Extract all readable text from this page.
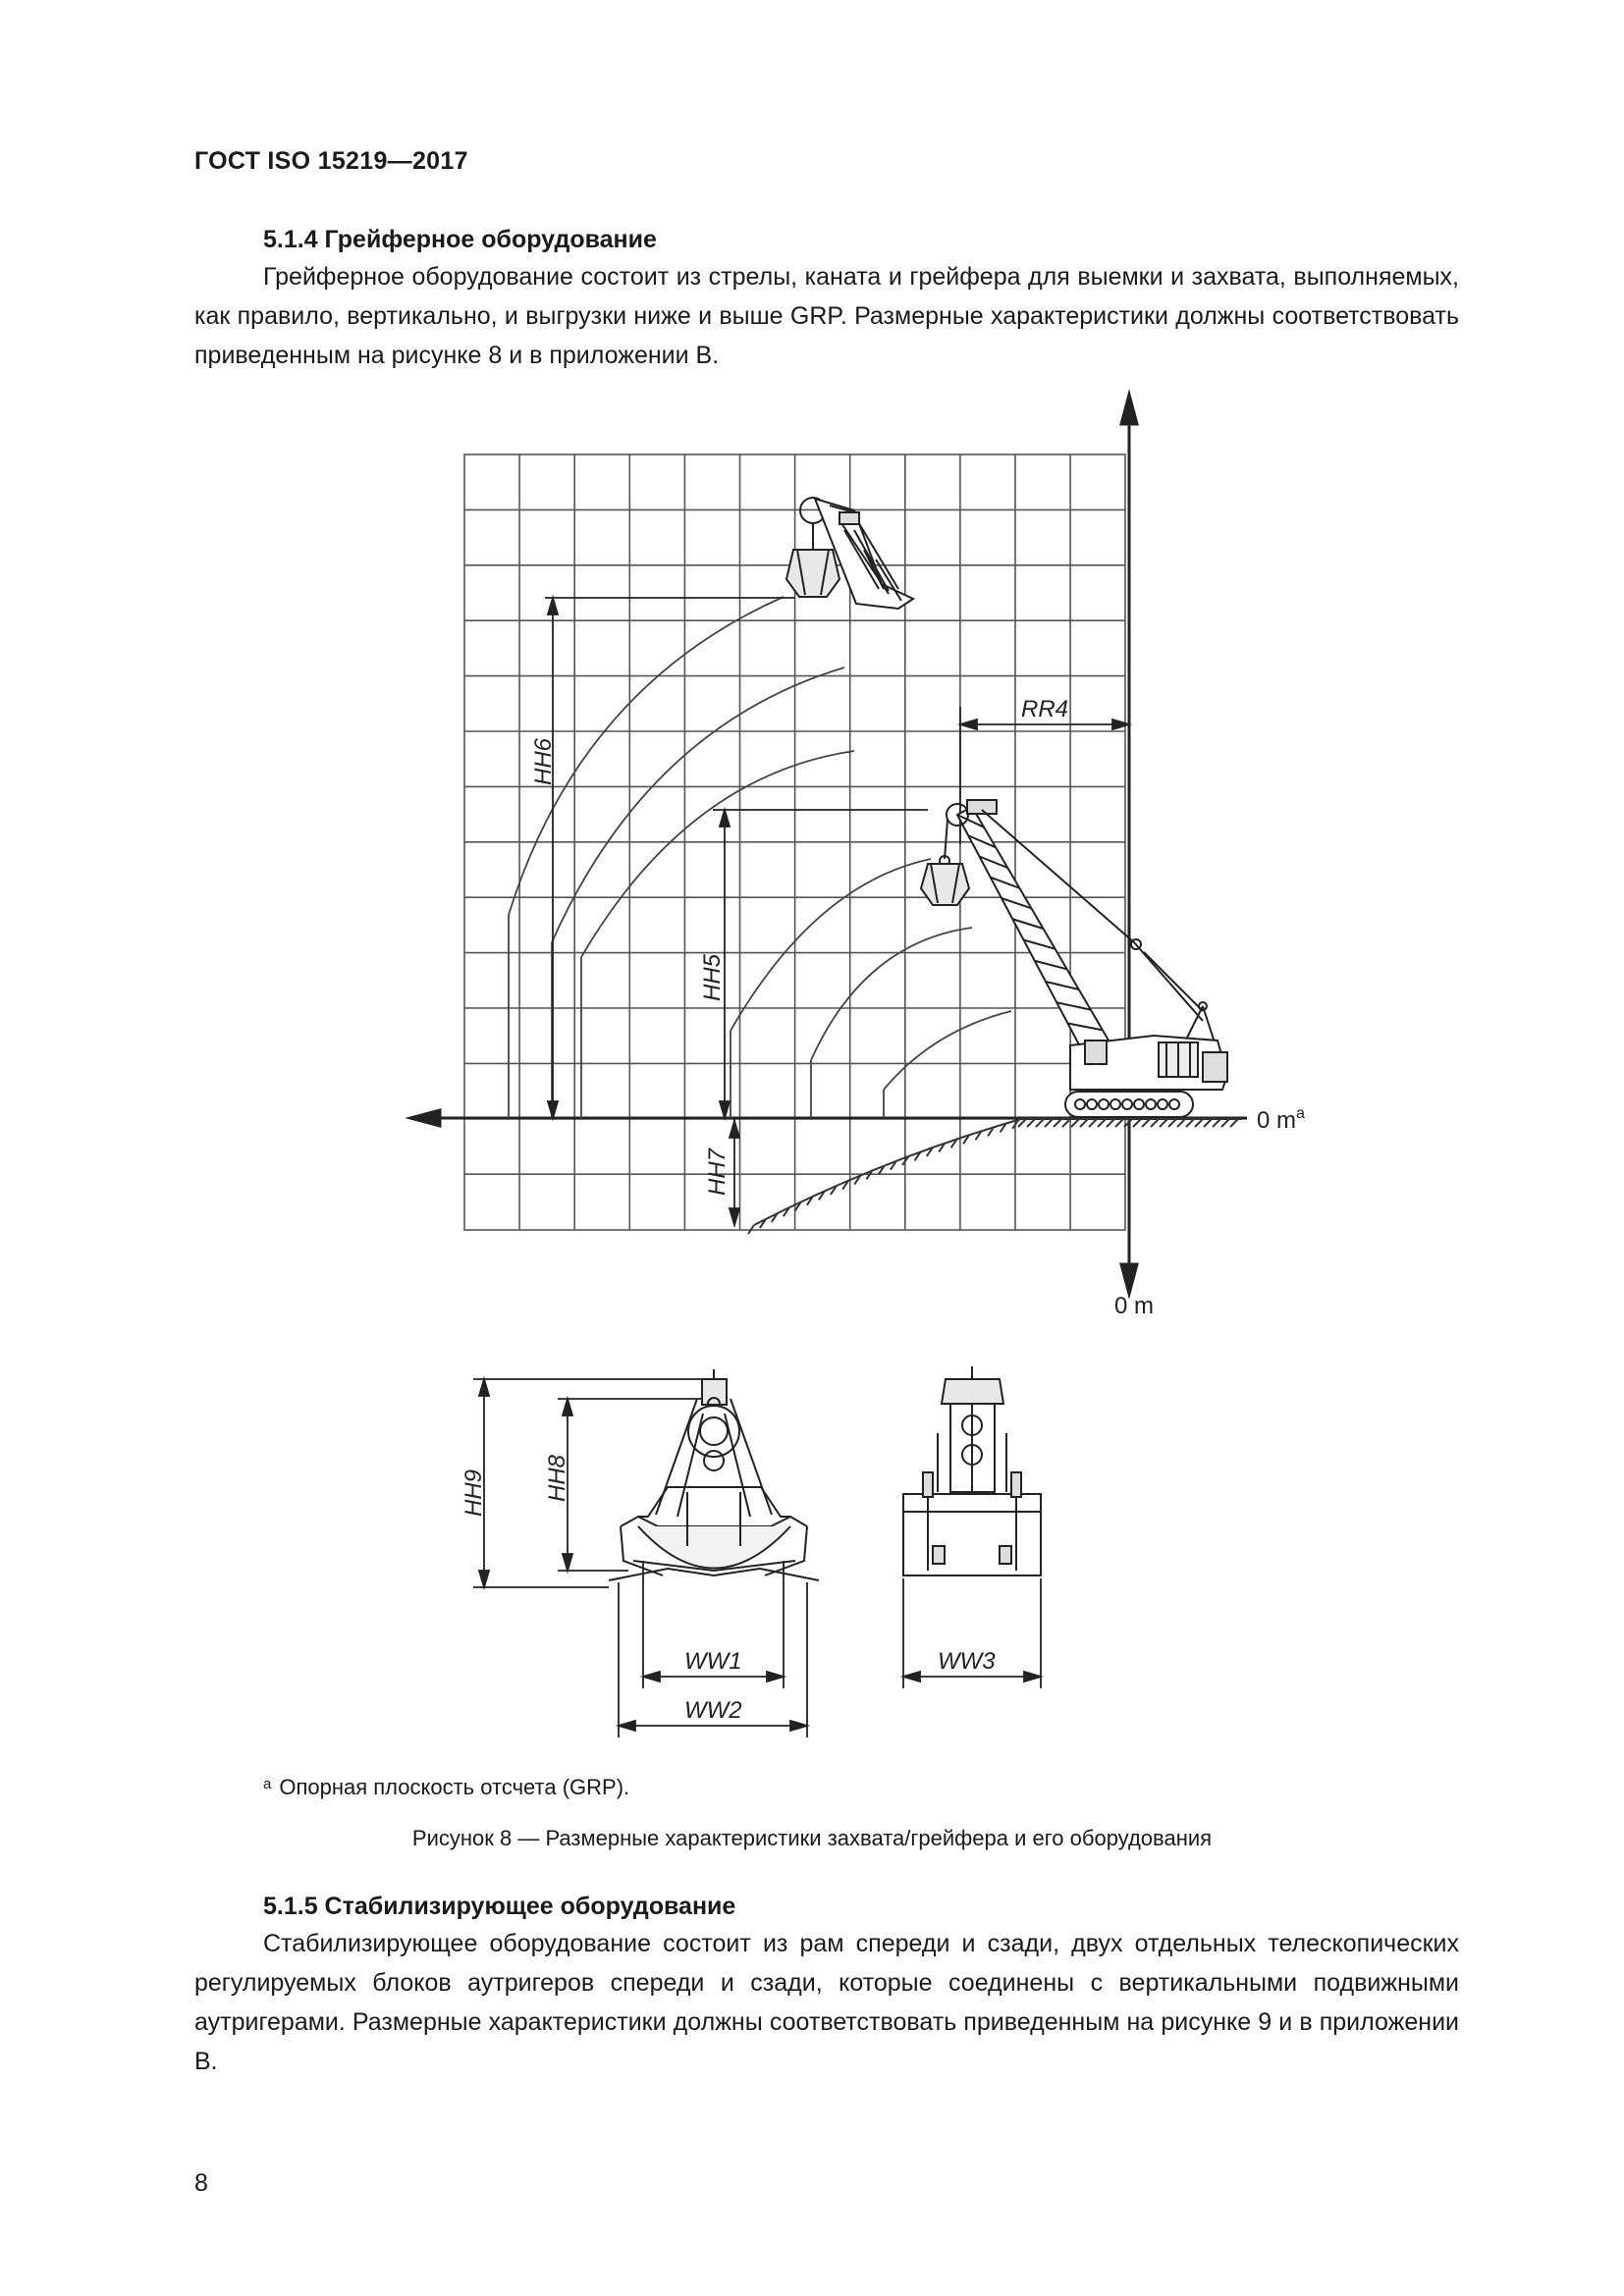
ГОСТ ISO 15219—2017
5.1.4 Грейферное оборудование
Грейферное оборудование состоит из стрелы, каната и грейфера для выемки и захвата, выполняемых, как правило, вертикально, и выгрузки ниже и выше GRP. Размерные характеристики должны соответствовать приведенным на рисунке 8 и в приложении В.
HH6
HH5
HH7
RR4
0 $m^a$
0 m
HH9 HH8
WW1
WW2
WW3
$^a$ Опорная плоскость отсчета (GRP).
Рисунок 8 — Размерные характеристики захвата/грейфера и его оборудования
5.1.5 Стабилизирующее оборудование
Стабилизирующее оборудование состоит из рам спереди и сзади, двух отдельных телескопических регулируемых блоков аутригеров спереди и сзади, которые соединены с вертикальными подвижными аутригерами. Размерные характеристики должны соответствовать приведенным на рисунке 9 и в приложении В.
8
